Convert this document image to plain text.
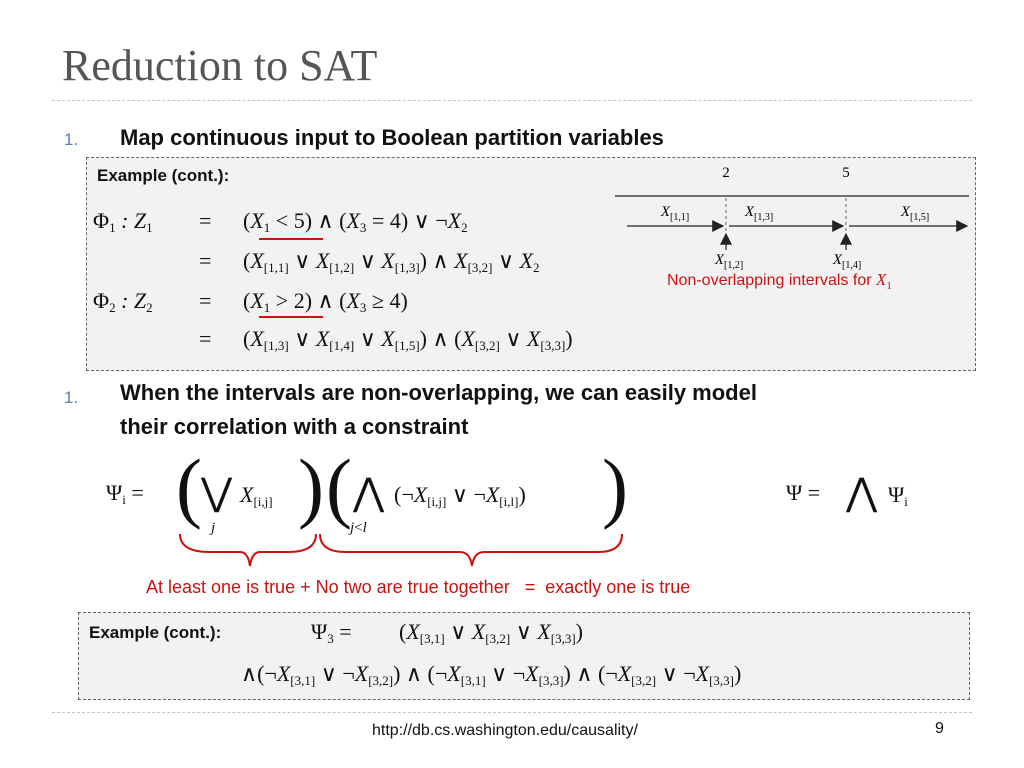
Reduction to SAT
1. Map continuous input to Boolean partition variables
Example (cont.):
$\Phi_1$ : $Z_1 = (X_1 < 5)$ ∧ $(X_3 = 4)$ ∨ $\neg X_2$
= ($X_{[1,1]}$ ∨ $X_{[1,2]}$ ∨ $X_{[1,3]}$) ∧ $X_{[3,2]}$ ∨ $X_2$
$\Phi_2$ : $Z_2 = (X_1 > 2)$ ∧ $(X_3 \ge 4)$
= ($X_{[1,3]}$ ∨ $X_{[1,4]}$ ∨ $X_{[1,5]}$) ∧ ($X_{[3,2]}$ ∨ $X_{[3,3]}$)
2	5
$X_{[1,1]}$	$X_{[1,3]}$	$X_{[1,5]}$
$X_{[1,2]}$	$X_{[1,4]}$
Non-overlapping intervals for $X_1$
1. When the intervals are non-overlapping, we can easily model
their correlation with a constraint
$\Psi_i$ = ( ⋁
j
$X_{[i,j]}$ ) ( ⋀
j<l
($\neg X_{[i,j]}$ ∨ $\neg X_{[i,l]}$) )	Ψ = ⋀ $\Psi_i$
At least one is true + No two are true together   =  exactly one is true
Example (cont.):	$\Psi_3 = (X_{[3,1]}$ ∨ $X_{[3,2]}$ ∨ $X_{[3,3]}$)
$\wedge(\neg X_{[3,1]}$ ∨ $\neg X_{[3,2]}$) ∧ ($\neg X_{[3,1]}$ ∨ $\neg X_{[3,3]}$) ∧ ($\neg X_{[3,2]}$ ∨ $\neg X_{[3,3]}$)
http://db.cs.washington.edu/causality/	9
